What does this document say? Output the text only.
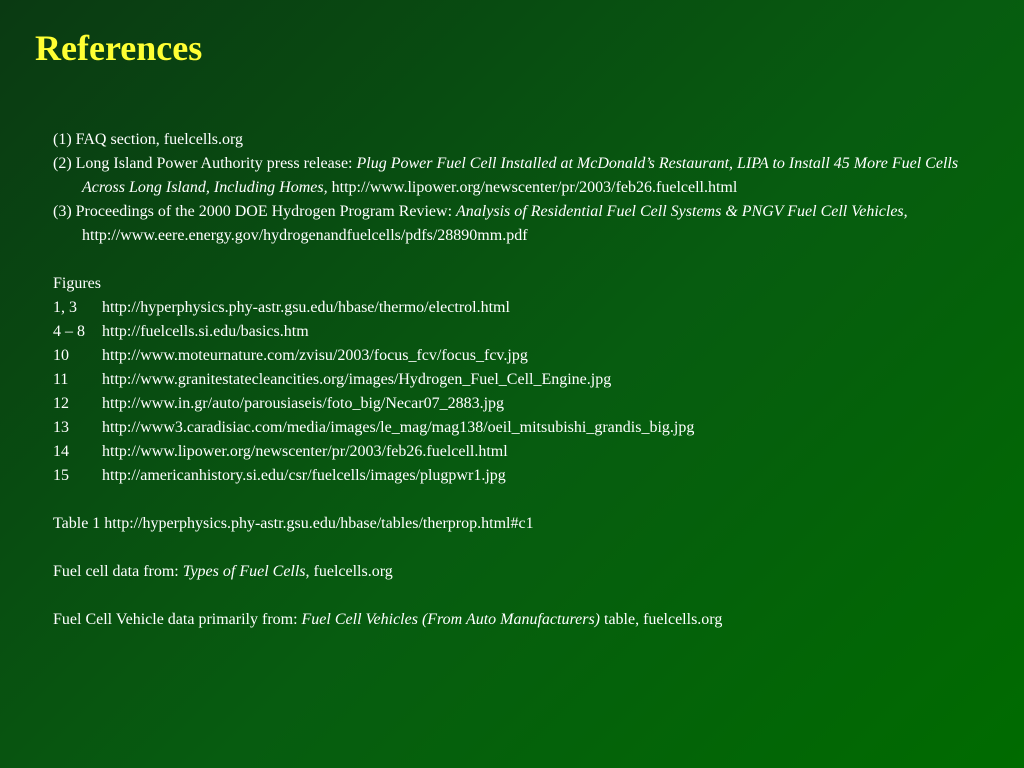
References
(1) FAQ section, fuelcells.org
(2) Long Island Power Authority press release: Plug Power Fuel Cell Installed at McDonald’s Restaurant, LIPA to Install 45 More Fuel Cells Across Long Island, Including Homes, http://www.lipower.org/newscenter/pr/2003/feb26.fuelcell.html
(3) Proceedings of the 2000 DOE Hydrogen Program Review: Analysis of Residential Fuel Cell Systems & PNGV Fuel Cell Vehicles, http://www.eere.energy.gov/hydrogenandfuelcells/pdfs/28890mm.pdf
Figures
1, 3 http://hyperphysics.phy-astr.gsu.edu/hbase/thermo/electrol.html
4 – 8 http://fuelcells.si.edu/basics.htm
10 http://www.moteurnature.com/zvisu/2003/focus_fcv/focus_fcv.jpg
11 http://www.granitestatecleancities.org/images/Hydrogen_Fuel_Cell_Engine.jpg
12 http://www.in.gr/auto/parousiaseis/foto_big/Necar07_2883.jpg
13 http://www3.caradisiac.com/media/images/le_mag/mag138/oeil_mitsubishi_grandis_big.jpg
14 http://www.lipower.org/newscenter/pr/2003/feb26.fuelcell.html
15 http://americanhistory.si.edu/csr/fuelcells/images/plugpwr1.jpg
Table 1 http://hyperphysics.phy-astr.gsu.edu/hbase/tables/therprop.html#c1
Fuel cell data from: Types of Fuel Cells, fuelcells.org
Fuel Cell Vehicle data primarily from: Fuel Cell Vehicles (From Auto Manufacturers) table, fuelcells.org
